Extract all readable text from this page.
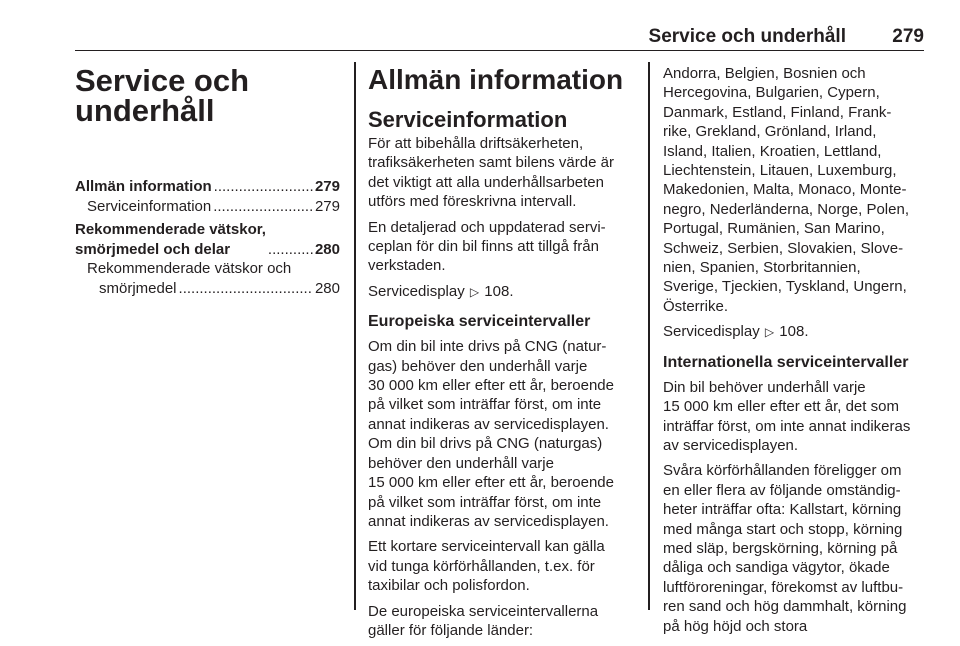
Service och underhåll 279
Service och underhåll
Allmän information .....	279
Serviceinformation .....	279
Rekommenderade vätskor,
smörjmedel och delar .....	280
Rekommenderade vätskor och
smörjmedel .....	280
Allmän information
Serviceinformation

För att bibehålla driftsäkerheten,
trafiksäkerheten samt bilens värde är
det viktigt att alla underhållsarbeten
utförs med föreskrivna intervall.

En detaljerad och uppdaterad servi-
ceplan för din bil finns att tillgå från
verkstaden.

Servicedisplay ▷ 108.

Europeiska serviceintervaller

Om din bil inte drivs på CNG (natur-
gas) behöver den underhåll varje
30 000 km eller efter ett år, beroende
på vilket som inträffar först, om inte
annat indikeras av servicedisplayen.
Om din bil drivs på CNG (naturgas)
behöver den underhåll varje
15 000 km eller efter ett år, beroende
på vilket som inträffar först, om inte
annat indikeras av servicedisplayen.

Ett kortare serviceintervall kan gälla
vid tunga körförhållanden, t.ex. för
taxibilar och polisfordon.

De europeiska serviceintervallerna
gäller för följande länder:

Andorra, Belgien, Bosnien och
Hercegovina, Bulgarien, Cypern,
Danmark, Estland, Finland, Frank-
rike, Grekland, Grönland, Irland,
Island, Italien, Kroatien, Lettland,
Liechtenstein, Litauen, Luxemburg,
Makedonien, Malta, Monaco, Monte-
negro, Nederländerna, Norge, Polen,
Portugal, Rumänien, San Marino,
Schweiz, Serbien, Slovakien, Slove-
nien, Spanien, Storbritannien,
Sverige, Tjeckien, Tyskland, Ungern,
Österrike.

Servicedisplay ▷ 108.

Internationella serviceintervaller

Din bil behöver underhåll varje
15 000 km eller efter ett år, det som
inträffar först, om inte annat indikeras
av servicedisplayen.

Svåra körförhållanden föreligger om
en eller flera av följande omständig-
heter inträffar ofta: Kallstart, körning
med många start och stopp, körning
med släp, bergskörning, körning på
dåliga och sandiga vägytor, ökade
luftföroreningar, förekomst av luftbu-
ren sand och hög dammhalt, körning
på hög höjd och stora
